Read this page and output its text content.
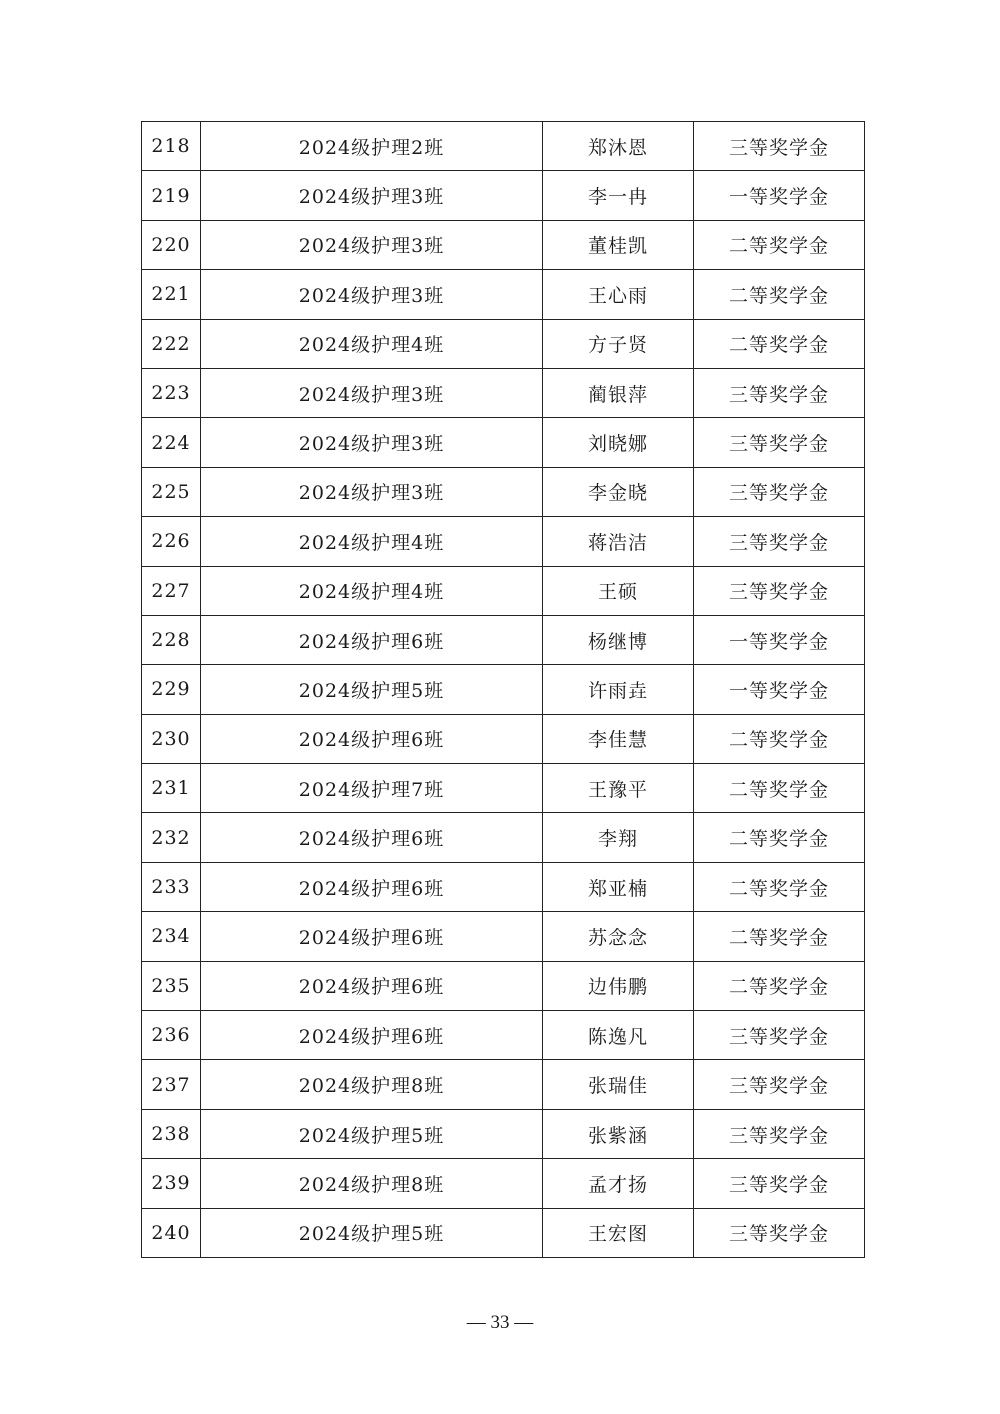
218	2024级护理2班	郑沐恩	三等奖学金
219	2024级护理3班	李一冉	一等奖学金
220	2024级护理3班	董桂凯	二等奖学金
221	2024级护理3班	王心雨	二等奖学金
222	2024级护理4班	方子贤	二等奖学金
223	2024级护理3班	蔺银萍	三等奖学金
224	2024级护理3班	刘晓娜	三等奖学金
225	2024级护理3班	李金晓	三等奖学金
226	2024级护理4班	蒋浩洁	三等奖学金
227	2024级护理4班	王硕	三等奖学金
228	2024级护理6班	杨继博	一等奖学金
229	2024级护理5班	许雨垚	一等奖学金
230	2024级护理6班	李佳慧	二等奖学金
231	2024级护理7班	王豫平	二等奖学金
232	2024级护理6班	李翔	二等奖学金
233	2024级护理6班	郑亚楠	二等奖学金
234	2024级护理6班	苏念念	二等奖学金
235	2024级护理6班	边伟鹏	二等奖学金
236	2024级护理6班	陈逸凡	三等奖学金
237	2024级护理8班	张瑞佳	三等奖学金
238	2024级护理5班	张紫涵	三等奖学金
239	2024级护理8班	孟才扬	三等奖学金
240	2024级护理5班	王宏图	三等奖学金
— 33 —
